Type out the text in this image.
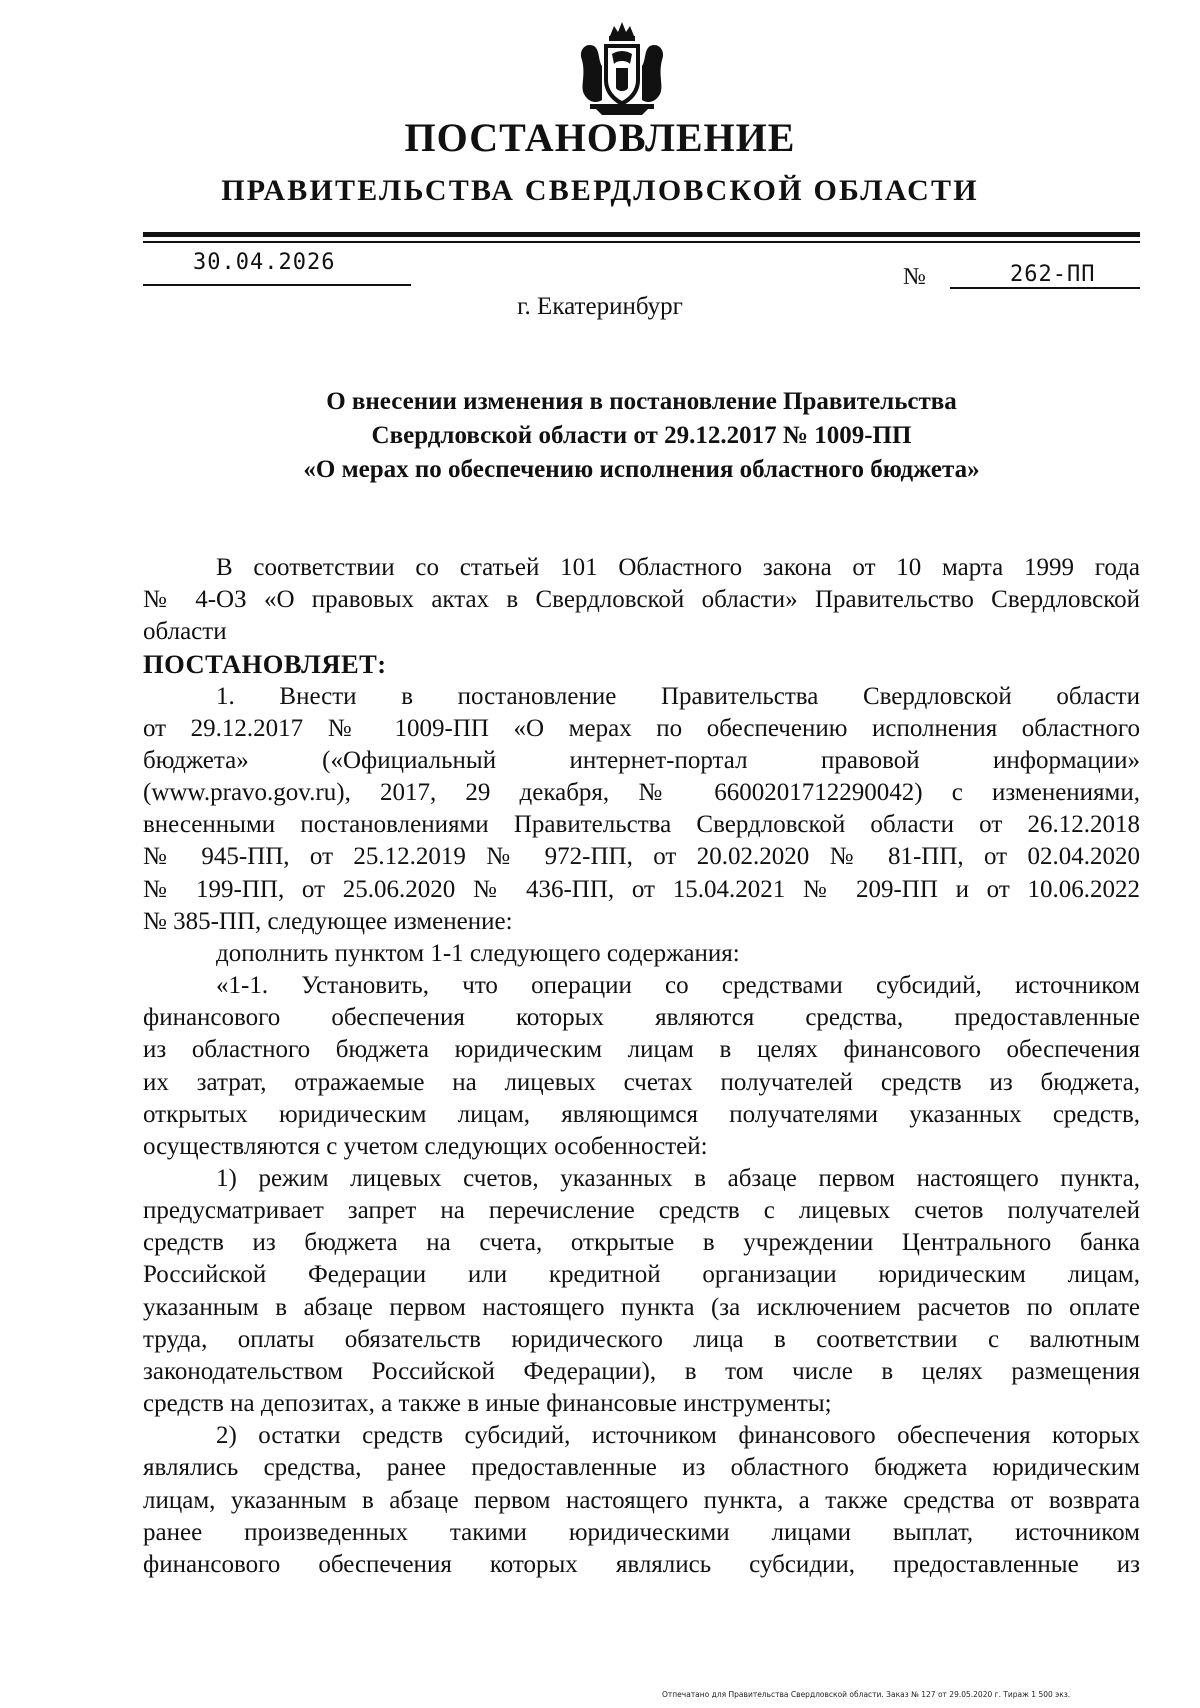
ПОСТАНОВЛЕНИЕ
ПРАВИТЕЛЬСТВА СВЕРДЛОВСКОЙ ОБЛАСТИ
30.04.2026
№	262-ПП
г. Екатеринбург
О внесении изменения в постановление Правительства
Свердловской области от 29.12.2017 № 1009-ПП
«О мерах по обеспечению исполнения областного бюджета»
В соответствии со статьей 101 Областного закона от 10 марта 1999 года
№ 4-ОЗ «О правовых актах в Свердловской области» Правительство Свердловской
области
ПОСТАНОВЛЯЕТ:
1. Внести в постановление Правительства Свердловской области
от 29.12.2017 № 1009-ПП «О мерах по обеспечению исполнения областного
бюджета» («Официальный интернет-портал правовой информации»
(www.pravo.gov.ru), 2017, 29 декабря, № 6600201712290042) с изменениями,
внесенными постановлениями Правительства Свердловской области от 26.12.2018
№ 945-ПП, от 25.12.2019 № 972-ПП, от 20.02.2020 № 81-ПП, от 02.04.2020
№ 199-ПП, от 25.06.2020 № 436-ПП, от 15.04.2021 № 209-ПП и от 10.06.2022
№ 385-ПП, следующее изменение:
дополнить пунктом 1-1 следующего содержания:
«1-1. Установить, что операции со средствами субсидий, источником
финансового обеспечения которых являются средства, предоставленные
из областного бюджета юридическим лицам в целях финансового обеспечения
их затрат, отражаемые на лицевых счетах получателей средств из бюджета,
открытых юридическим лицам, являющимся получателями указанных средств,
осуществляются с учетом следующих особенностей:
1) режим лицевых счетов, указанных в абзаце первом настоящего пункта,
предусматривает запрет на перечисление средств с лицевых счетов получателей
средств из бюджета на счета, открытые в учреждении Центрального банка
Российской Федерации или кредитной организации юридическим лицам,
указанным в абзаце первом настоящего пункта (за исключением расчетов по оплате
труда, оплаты обязательств юридического лица в соответствии с валютным
законодательством Российской Федерации), в том числе в целях размещения
средств на депозитах, а также в иные финансовые инструменты;
2) остатки средств субсидий, источником финансового обеспечения которых
являлись средства, ранее предоставленные из областного бюджета юридическим
лицам, указанным в абзаце первом настоящего пункта, а также средства от возврата
ранее произведенных такими юридическими лицами выплат, источником
финансового обеспечения которых являлись субсидии, предоставленные из
Отпечатано для Правительства Свердловской области. Заказ № 127 от 29.05.2020 г. Тираж 1 500 экз.
